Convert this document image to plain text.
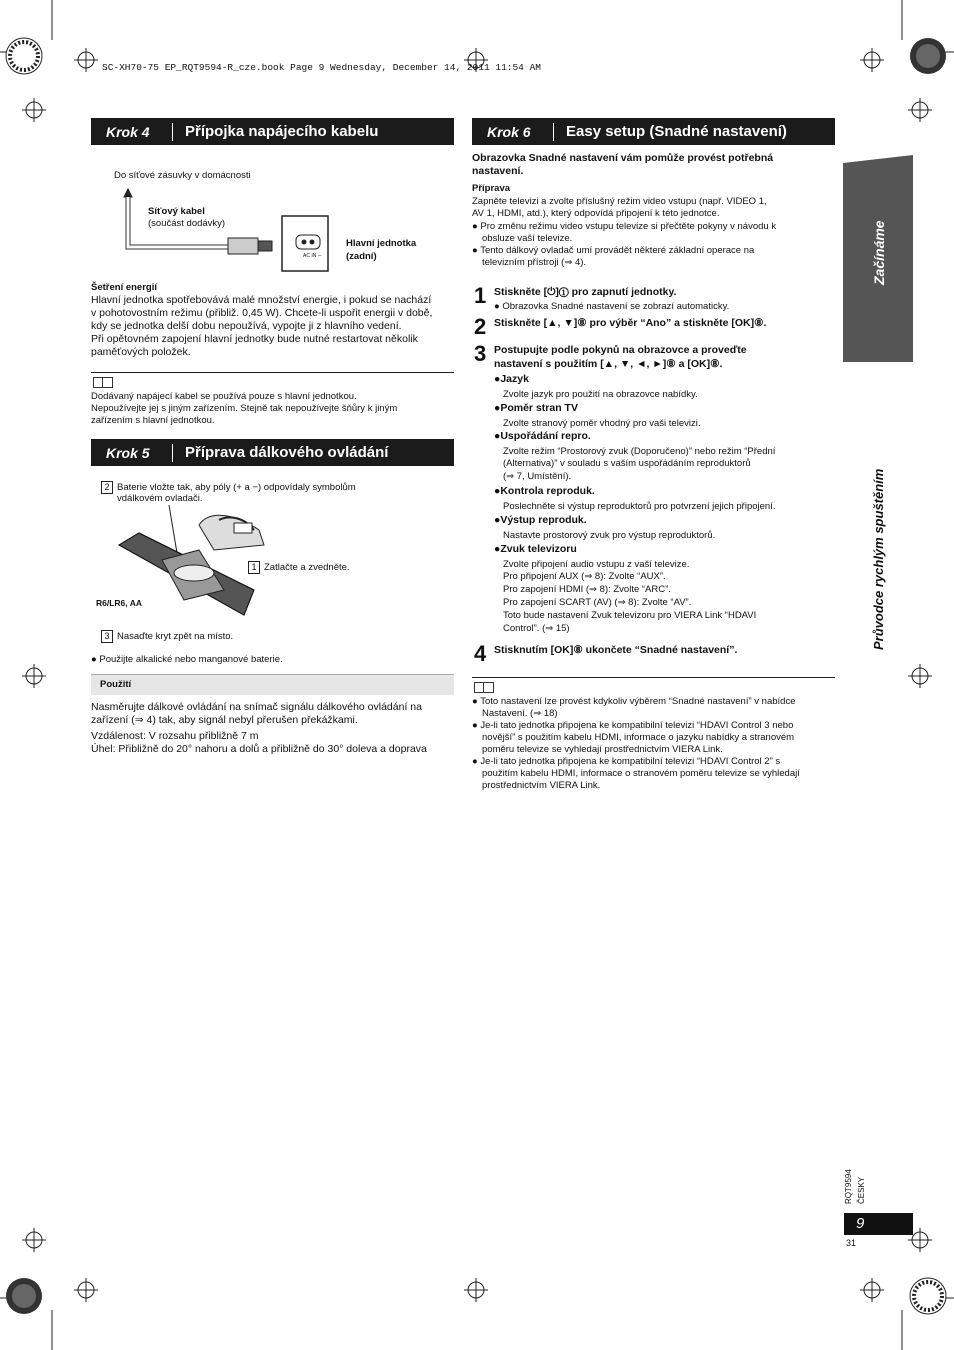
SC-XH70-75 EP_RQT9594-R_cze.book Page 9 Wednesday, December 14, 2011 11:54 AM
Krok 4	Přípojka napájecího kabelu
Do síťové zásuvky v domácnosti
Síťový kabel
(součást dodávky)
AC IN ∼
Hlavní jednotka
(zadní)
Šetření energií
Hlavní jednotka spotřebovává malé množství energie, i pokud se nachází
v pohotovostním režimu (přibliž. 0,45 W). Chcete-li uspořit energii v době,
kdy se jednotka delší dobu nepoužívá, vypojte ji z hlavního vedení.
Při opětovném zapojení hlavní jednotky bude nutné restartovat několik
paměťových položek.
Dodávaný napájecí kabel se používá pouze s hlavní jednotkou.
Nepoužívejte jej s jiným zařízením. Stejně tak nepoužívejte šňůry k jiným
zařízením s hlavní jednotkou.
Krok 5	Příprava dálkového ovládání
2 Baterie vložte tak, aby póly (+ a −) odpovídaly symbolům
vdálkovém ovladači.
1 Zatlačte a zvedněte.
R6/LR6, AA
3 Nasaďte kryt zpět na místo.
● Použijte alkalické nebo manganové baterie.
Použití
Nasměrujte dálkové ovládání na snímač signálu dálkového ovládání na
zařízení (⇒ 4) tak, aby signál nebyl přerušen překážkami.
Vzdálenost: V rozsahu přibližně 7 m
Úhel: Přibližně do 20° nahoru a dolů a přibližně do 30° doleva a doprava
Krok 6	Easy setup (Snadné nastavení)
Obrazovka Snadné nastavení vám pomůže provést potřebná
nastavení.
Příprava
Zapněte televizi a zvolte příslušný režim video vstupu (např. VIDEO 1,
AV 1, HDMI, atd.), který odpovídá připojení k této jednotce.
● Pro změnu režimu video vstupu televize si přečtěte pokyny v návodu k
obsluze vaší televize.
● Tento dálkový ovladač umí provádět některé základní operace na
televizním přístroji (⇒ 4).
1 Stiskněte [⏻]① pro zapnutí jednotky.
● Obrazovka Snadné nastavení se zobrazí automaticky.
2 Stiskněte [▲, ▼]⑧ pro výběr “Ano” a stiskněte [OK]⑧.
3 Postupujte podle pokynů na obrazovce a proveďte
nastavení s použitím [▲, ▼, ◄, ►]⑧ a [OK]⑧.
●Jazyk
Zvolte jazyk pro použití na obrazovce nabídky.
●Poměr stran TV
Zvolte stranový poměr vhodný pro vaši televizi.
●Uspořádání repro.
Zvolte režim “Prostorový zvuk (Doporučeno)” nebo režim “Přední
(Alternativa)” v souladu s vaším uspořádáním reproduktorů
(⇒ 7, Umístění).
●Kontrola reproduk.
Poslechněte si výstup reproduktorů pro potvrzení jejich připojení.
●Výstup reproduk.
Nastavte prostorový zvuk pro výstup reproduktorů.
●Zvuk televizoru
Zvolte připojení audio vstupu z vaší televize.
Pro připojení AUX (⇒ 8): Zvolte “AUX”.
Pro zapojení HDMI (⇒ 8): Zvolte “ARC”.
Pro zapojení SCART (AV) (⇒ 8): Zvolte “AV”.
Toto bude nastavení Zvuk televizoru pro VIERA Link “HDAVI
Control”. (⇒ 15)
4 Stisknutím [OK]⑧ ukončete “Snadné nastavení”.
● Toto nastavení lze provést kdykoliv výběrem “Snadné nastavení” v nabídce
Nastavení. (⇒ 18)
● Je-li tato jednotka připojena ke kompatibilní televizi “HDAVI Control 3 nebo
novější” s použitím kabelu HDMI, informace o jazyku nabídky a stranovém
poměru televize se vyhledají prostřednictvím VIERA Link.
● Je-li tato jednotka připojena ke kompatibilní televizi “HDAVI Control 2” s
použitím kabelu HDMI, informace o stranovém poměru televize se vyhledají
prostřednictvím VIERA Link.
Začínáme
Průvodce rychlým spuštěním
RQT9594 ČESKY
9
31
